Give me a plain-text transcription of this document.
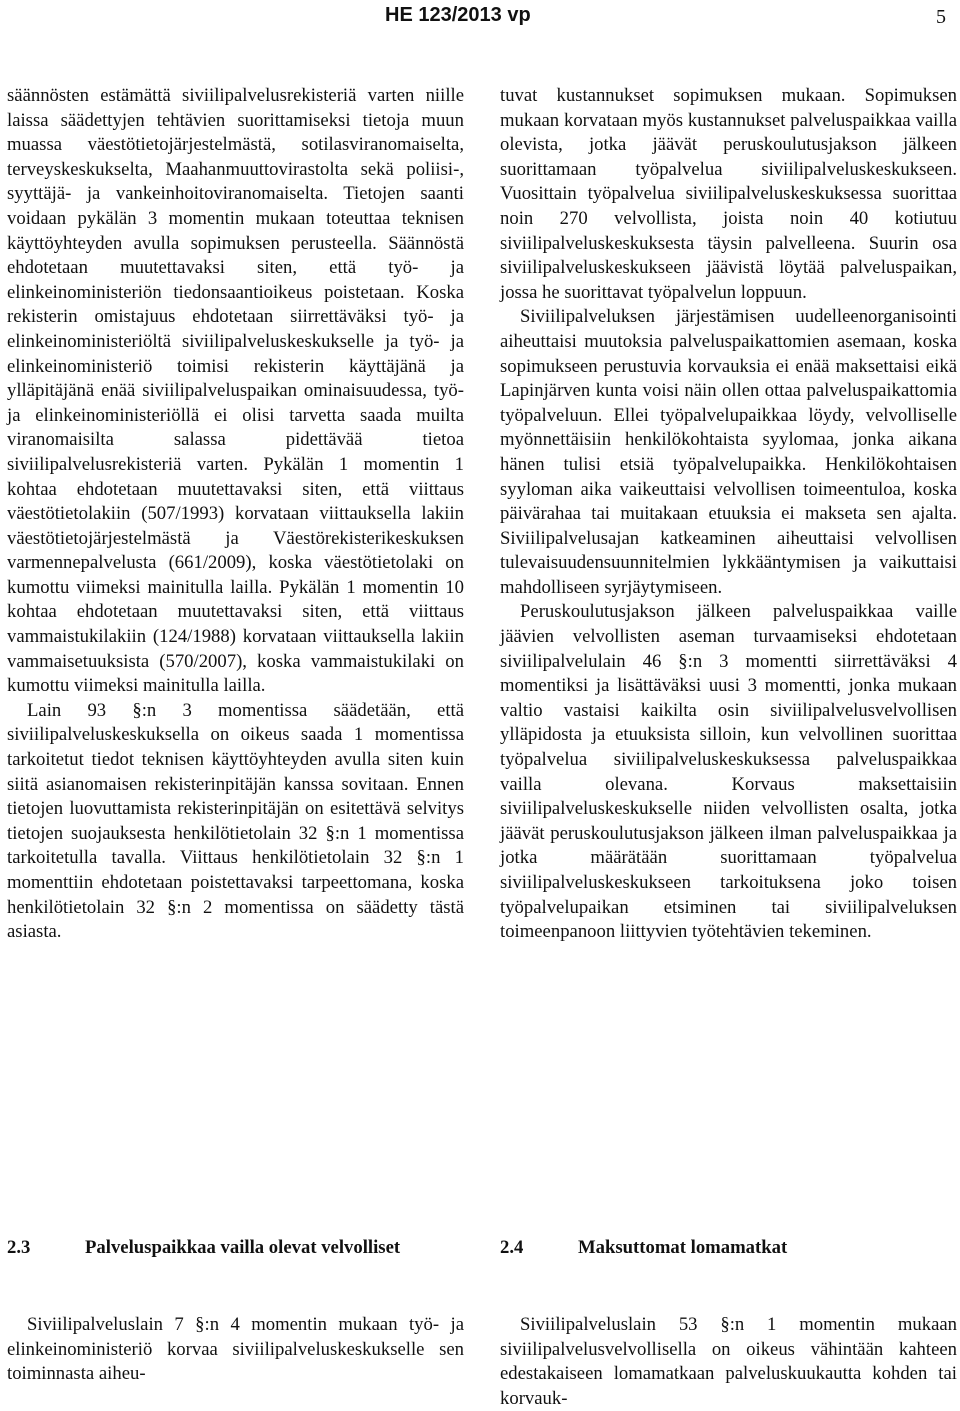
HE 123/2013 vp	5

säännösten estämättä siviilipalvelusrekisteriä varten niille laissa säädettyjen tehtävien suorittamiseksi tietoja muun muassa väestötietojärjestelmästä, sotilasviranomaiselta, terveyskeskukselta, Maahanmuuttovirastolta sekä poliisi-, syyttäjä- ja vankeinhoitoviranomaiselta. Tietojen saanti voidaan pykälän 3 momentin mukaan toteuttaa teknisen käyttöyhteyden avulla sopimuksen perusteella. Säännöstä ehdotetaan muutettavaksi siten, että työ- ja elinkeinoministeriön tiedonsaantioikeus poistetaan. Koska rekisterin omistajuus ehdotetaan siirrettäväksi työ- ja elinkeinoministeriöltä siviilipalveluskeskukselle ja työ- ja elinkeinoministeriö toimisi rekisterin käyttäjänä ja ylläpitäjänä enää siviilipalveluspaikan ominaisuudessa, työ- ja elinkeinoministeriöllä ei olisi tarvetta saada muilta viranomaisilta salassa pidettävää tietoa siviilipalvelusrekisteriä varten. Pykälän 1 momentin 1 kohtaa ehdotetaan muutettavaksi siten, että viittaus väestötietolakiin (507/1993) korvataan viittauksella lakiin väestötietojärjestelmästä ja Väestörekisterikeskuksen varmennepalvelusta (661/2009), koska väestötietolaki on kumottu viimeksi mainitulla lailla. Pykälän 1 momentin 10 kohtaa ehdotetaan muutettavaksi siten, että viittaus vammaistukilakiin (124/1988) korvataan viittauksella lakiin vammaisetuuksista (570/2007), koska vammaistukilaki on kumottu viimeksi mainitulla lailla.

Lain 93 §:n 3 momentissa säädetään, että siviilipalveluskeskuksella on oikeus saada 1 momentissa tarkoitetut tiedot teknisen käyttöyhteyden avulla siten kuin siitä asianomaisen rekisterinpitäjän kanssa sovitaan. Ennen tietojen luovuttamista rekisterinpitäjän on esitettävä selvitys tietojen suojauksesta henkilötietolain 32 §:n 1 momentissa tarkoitetulla tavalla. Viittaus henkilötietolain 32 §:n 1 momenttiin ehdotetaan poistettavaksi tarpeettomana, koska henkilötietolain 32 §:n 2 momentissa on säädetty tästä asiasta.

tuvat kustannukset sopimuksen mukaan. Sopimuksen mukaan korvataan myös kustannukset palveluspaikkaa vailla olevista, jotka jäävät peruskoulutusjakson jälkeen suorittamaan työpalvelua siviilipalveluskeskukseen. Vuosittain työpalvelua siviilipalveluskeskuksessa suorittaa noin 270 velvollista, joista noin 40 kotiutuu siviilipalveluskeskuksesta täysin palvelleena. Suurin osa siviilipalveluskeskukseen jäävistä löytää palveluspaikan, jossa he suorittavat työpalvelun loppuun.

Siviilipalveluksen järjestämisen uudelleenorganisointi aiheuttaisi muutoksia palveluspaikattomien asemaan, koska sopimukseen perustuvia korvauksia ei enää maksettaisi eikä Lapinjärven kunta voisi näin ollen ottaa palveluspaikattomia työpalveluun. Ellei työpalvelupaikkaa löydy, velvolliselle myönnettäisiin henkilökohtaista syylomaa, jonka aikana hänen tulisi etsiä työpalvelupaikka. Henkilökohtaisen syyloman aika vaikeuttaisi velvollisen toimeentuloa, koska päivärahaa tai muitakaan etuuksia ei makseta sen ajalta. Siviilipalvelusajan katkeaminen aiheuttaisi velvollisen tulevaisuudensuunnitelmien lykkääntymisen ja vaikuttaisi mahdolliseen syrjäytymiseen.

Peruskoulutusjakson jälkeen palveluspaikkaa vaille jäävien velvollisten aseman turvaamiseksi ehdotetaan siviilipalvelulain 46 §:n 3 momentti siirrettäväksi 4 momentiksi ja lisättäväksi uusi 3 momentti, jonka mukaan valtio vastaisi kaikilta osin siviilipalvelusvelvollisen ylläpidosta ja etuuksista silloin, kun velvollinen suorittaa työpalvelua siviilipalveluskeskuksessa palveluspaikkaa vailla olevana. Korvaus maksettaisiin siviilipalveluskeskukselle niiden velvollisten osalta, jotka jäävät peruskoulutusjakson jälkeen ilman palveluspaikkaa ja jotka määrätään suorittamaan työpalvelua siviilipalveluskeskukseen tarkoituksena joko toisen työpalvelupaikan etsiminen tai siviilipalveluksen toimeenpanoon liittyvien työtehtävien tekeminen.

2.3	Palveluspaikkaa vailla olevat velvolliset	2.4	Maksuttomat lomamatkat

Siviilipalveluslain 7 §:n 4 momentin mukaan työ- ja elinkeinoministeriö korvaa siviilipalveluskeskukselle sen toiminnasta aiheu-

Siviilipalveluslain 53 §:n 1 momentin mukaan siviilipalvelusvelvollisella on oikeus vähintään kahteen edestakaiseen lomamatkaan palveluskuukautta kohden tai korvauk-
